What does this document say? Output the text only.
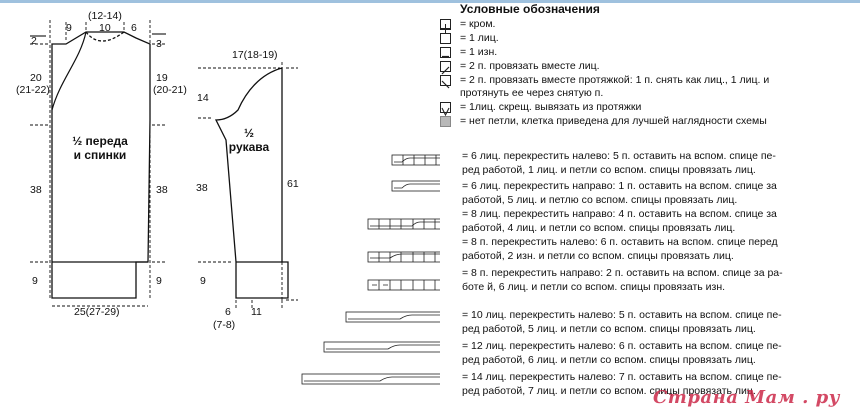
(12-14)
9	10 6
2	3
20
(21-22)
19
(20-21)
½ переда
и спинки
38	38
9	9
25(27-29)
17(18-19)
14
½
рукава
38	61
9
6
(7-8)
11
Условные обозначения
= кром.
= 1 лиц.
= 1 изн.
= 2 п. провязать вместе лиц.
= 2 п. провязать вместе протяжкой: 1 п. снять как лиц., 1 лиц. и
протянуть ее через снятую п.
= 1лиц. скрещ. вывязать из протяжки
= нет петли, клетка приведена для лучшей наглядности схемы
= 6 лиц. перекрестить налево: 5 п. оставить на вспом. спице пе-
ред работой, 1 лиц. и петли со вспом. спицы провязать лиц.
= 6 лиц. перекрестить направо: 1 п. оставить на вспом. спице за
работой, 5 лиц. и петлю со вспом. спицы провязать лиц.
= 8 лиц. перекрестить направо: 4 п. оставить на вспом. спице за
работой, 4 лиц. и петли со вспом. спицы провязать лиц.
= 8 п. перекрестить налево: 6 п. оставить на вспом. спице перед
работой, 2 изн. и петли со вспом. спицы провязать лиц.
= 8 п. перекрестить направо: 2 п. оставить на вспом. спице за ра-
боте й, 6 лиц. и петли со вспом. спицы провязать изн.
= 10 лиц. перекрестить налево: 5 п. оставить на вспом. спице пе-
ред работой, 5 лиц. и петли со вспом. спицы провязать лиц.
= 12 лиц. перекрестить налево: 6 п. оставить на вспом. спице пе-
ред работой, 6 лиц. и петли со вспом. спицы провязать лиц.
= 14 лиц. перекрестить налево: 7 п. оставить на вспом. спице пе-
ред работой, 7 лиц. и петли со вспом. спицы провязать лиц.
Страна Мам . ру
